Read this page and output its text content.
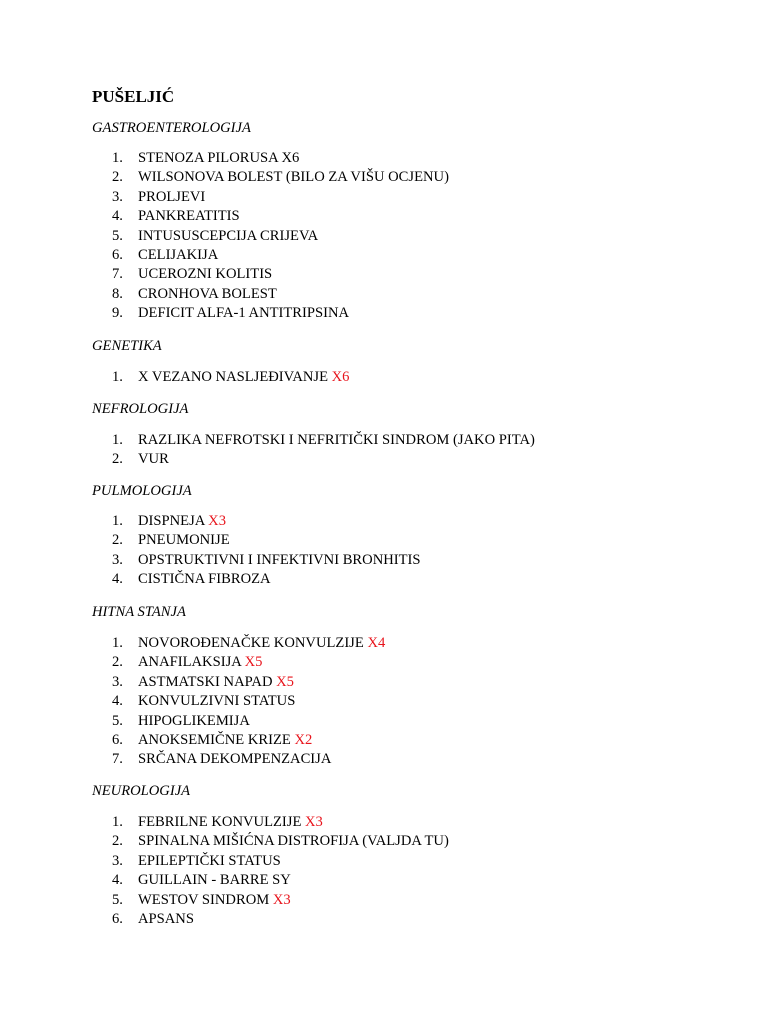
PUŠELJIĆ
GASTROENTEROLOGIJA
1.	STENOZA PILORUSA X6
2.	WILSONOVA BOLEST (BILO ZA VIŠU OCJENU)
3.	PROLJEVI
4.	PANKREATITIS
5.	INTUSUSCEPCIJA CRIJEVA
6.	CELIJAKIJA
7.	UCEROZNI KOLITIS
8.	CRONHOVA BOLEST
9.	DEFICIT ALFA-1 ANTITRIPSINA
GENETIKA
1.	X VEZANO NASLJEĐIVANJE X6
NEFROLOGIJA
1.	RAZLIKA NEFROTSKI I NEFRITIČKI SINDROM (JAKO PITA)
2.	VUR
PULMOLOGIJA
1.	DISPNEJA X3
2.	PNEUMONIJE
3.	OPSTRUKTIVNI I INFEKTIVNI BRONHITIS
4.	CISTIČNA FIBROZA
HITNA STANJA
1.	NOVOROĐENAČKE KONVULZIJE X4
2.	ANAFILAKSIJA X5
3.	ASTMATSKI NAPAD X5
4.	KONVULZIVNI STATUS
5.	HIPOGLIKEMIJA
6.	ANOKSEMIČNE KRIZE X2
7.	SRČANA DEKOMPENZACIJA
NEUROLOGIJA
1.	FEBRILNE KONVULZIJE X3
2.	SPINALNA MIŠIĆNA DISTROFIJA (VALJDA TU)
3.	EPILEPTIČKI STATUS
4.	GUILLAIN - BARRE SY
5.	WESTOV SINDROM X3
6.	APSANS
